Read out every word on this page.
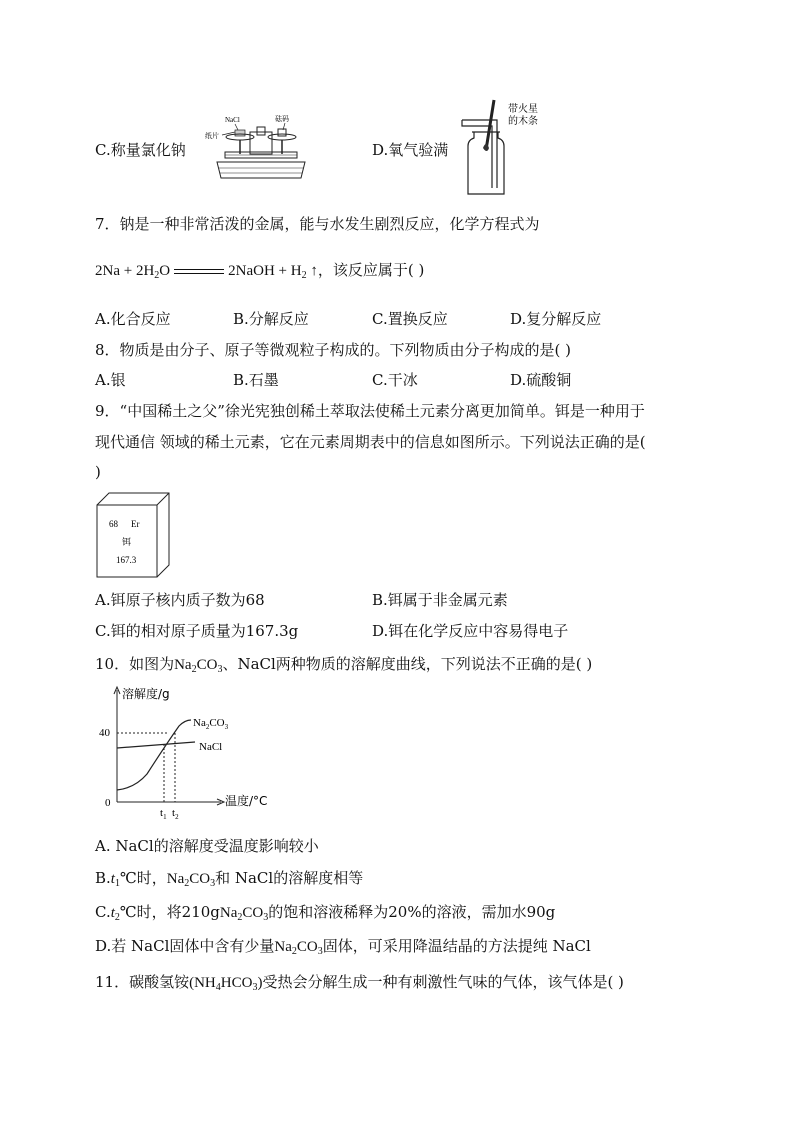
C.称量氯化钠
NaCl	砝码
纸片
D.氧气验满
带火星
的木条
7．钠是一种非常活泼的金属，能与水发生剧烈反应，化学方程式为
$2Na + 2H_2O$	2NaOH + $H_2$ ↑，该反应属于( )
A.化合反应	B.分解反应	C.置换反应	D.复分解反应
8．物质是由分子、原子等微观粒子构成的。下列物质由分子构成的是( )
A.银	B.石墨	C.干冰	D.硫酸铜
9．“中国稀土之父”徐光宪独创稀土萃取法使稀土元素分离更加简单。铒是一种用于
现代通信 领域的稀土元素，它在元素周期表中的信息如图所示。下列说法正确的是(
)
68 Er
铒
167.3
A.铒原子核内质子数为68	B.铒属于非金属元素
C.铒的相对原子质量为167.3g	D.铒在化学反应中容易得电子
10．如图为$Na_2CO_3$、NaCl两种物质的溶解度曲线，下列说法不正确的是( )
溶解度/g
温度/°C
40
0
$t_1$ $t_2$
$Na_2CO_3$
NaCl
A. NaCl的溶解度受温度影响较小
$B.t_1℃$时，$Na_2CO_3$和 NaCl的溶解度相等
$C.t_2℃$时，将$210gNa_2CO_3$的饱和溶液稀释为20%的溶液，需加水90g
D.若 NaCl固体中含有少量$Na_2CO_3$固体，可采用降温结晶的方法提纯 NaCl
11．碳酸氢铵$(NH_4HCO_3)$受热会分解生成一种有刺激性气味的气体，该气体是( )
